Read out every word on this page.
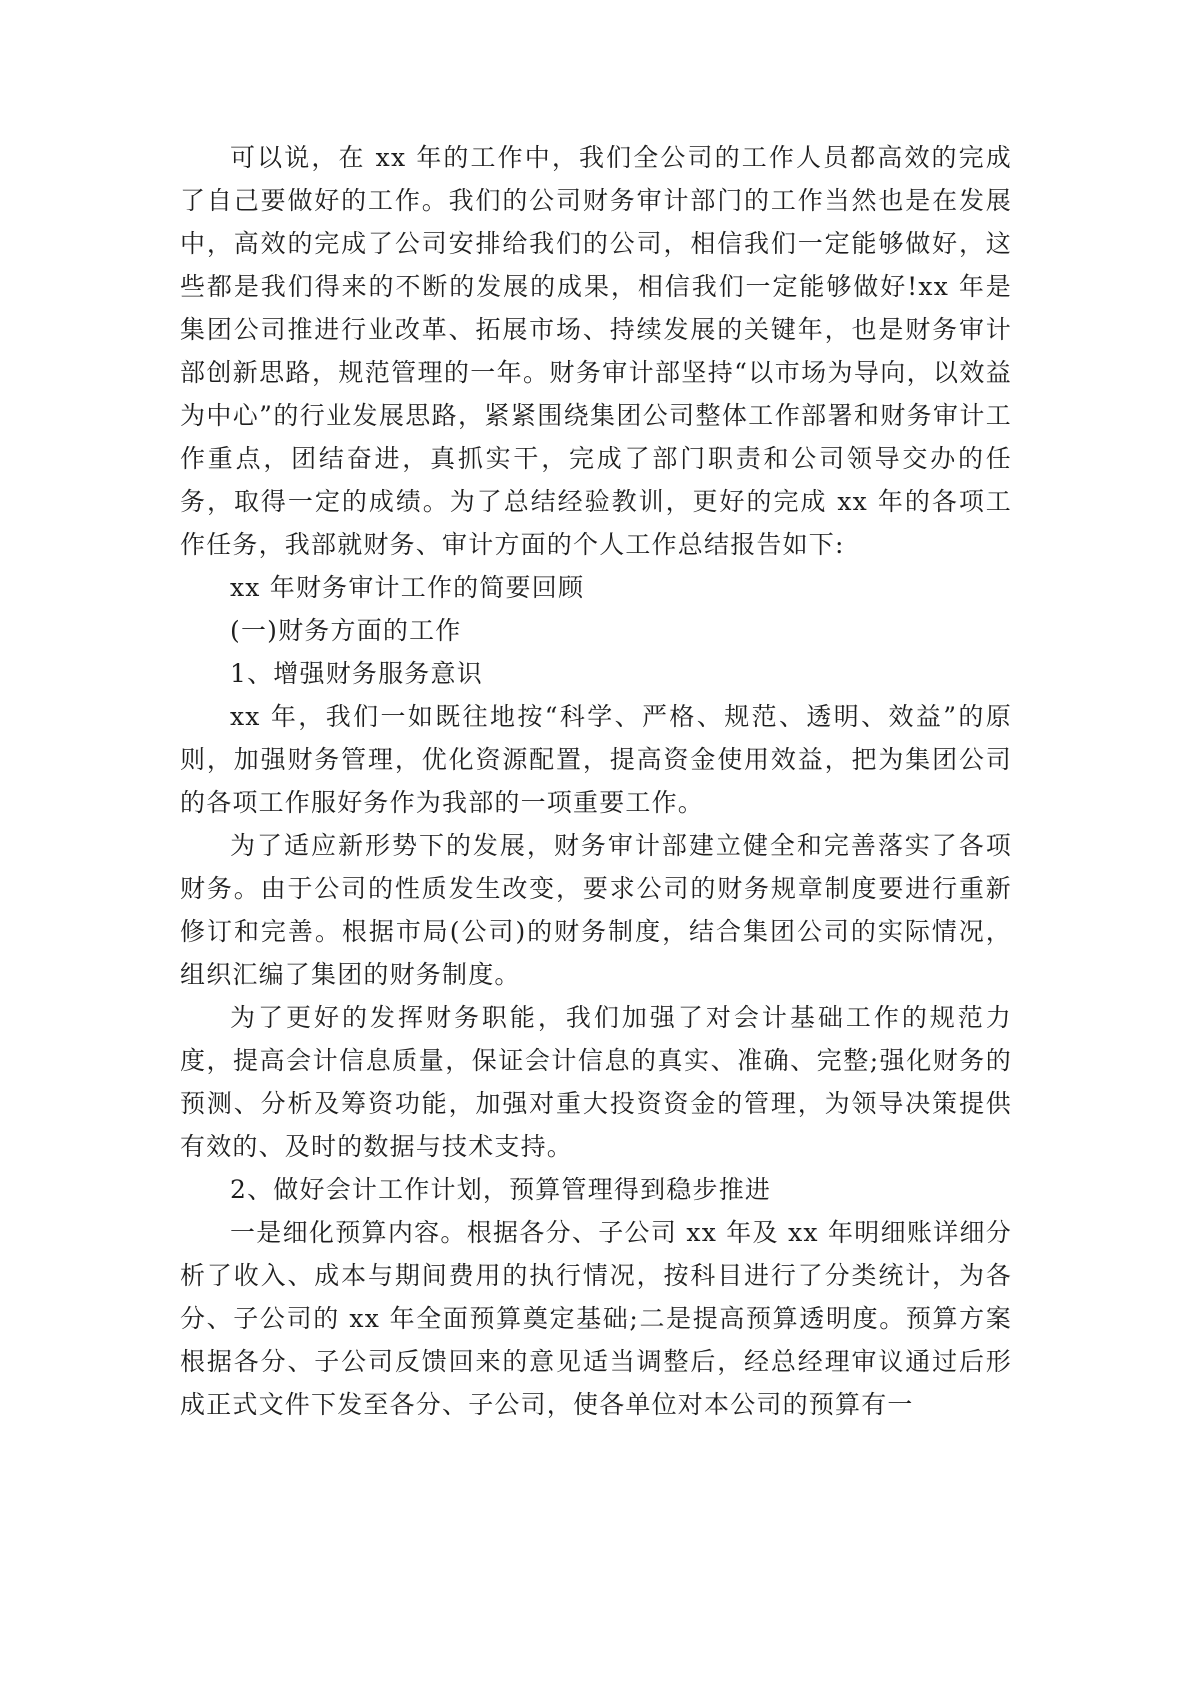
可以说，在 xx 年的工作中，我们全公司的工作人员都高效的完成了自己要做好的工作。我们的公司财务审计部门的工作当然也是在发展中，高效的完成了公司安排给我们的公司，相信我们一定能够做好，这些都是我们得来的不断的发展的成果，相信我们一定能够做好!xx 年是集团公司推进行业改革、拓展市场、持续发展的关键年，也是财务审计部创新思路，规范管理的一年。财务审计部坚持“以市场为导向，以效益为中心”的行业发展思路，紧紧围绕集团公司整体工作部署和财务审计工作重点，团结奋进，真抓实干，完成了部门职责和公司领导交办的任务，取得一定的成绩。为了总结经验教训，更好的完成 xx 年的各项工作任务，我部就财务、审计方面的个人工作总结报告如下:

xx 年财务审计工作的简要回顾

(一)财务方面的工作

1、增强财务服务意识

xx 年，我们一如既往地按“科学、严格、规范、透明、效益”的原则，加强财务管理，优化资源配置，提高资金使用效益，把为集团公司的各项工作服好务作为我部的一项重要工作。

为了适应新形势下的发展，财务审计部建立健全和完善落实了各项财务。由于公司的性质发生改变，要求公司的财务规章制度要进行重新修订和完善。根据市局(公司)的财务制度，结合集团公司的实际情况，组织汇编了集团的财务制度。

为了更好的发挥财务职能，我们加强了对会计基础工作的规范力度，提高会计信息质量，保证会计信息的真实、准确、完整;强化财务的预测、分析及筹资功能，加强对重大投资资金的管理，为领导决策提供有效的、及时的数据与技术支持。

2、做好会计工作计划，预算管理得到稳步推进

一是细化预算内容。根据各分、子公司 xx 年及 xx 年明细账详细分析了收入、成本与期间费用的执行情况，按科目进行了分类统计，为各分、子公司的 xx 年全面预算奠定基础;二是提高预算透明度。预算方案根据各分、子公司反馈回来的意见适当调整后，经总经理审议通过后形成正式文件下发至各分、子公司，使各单位对本公司的预算有一
